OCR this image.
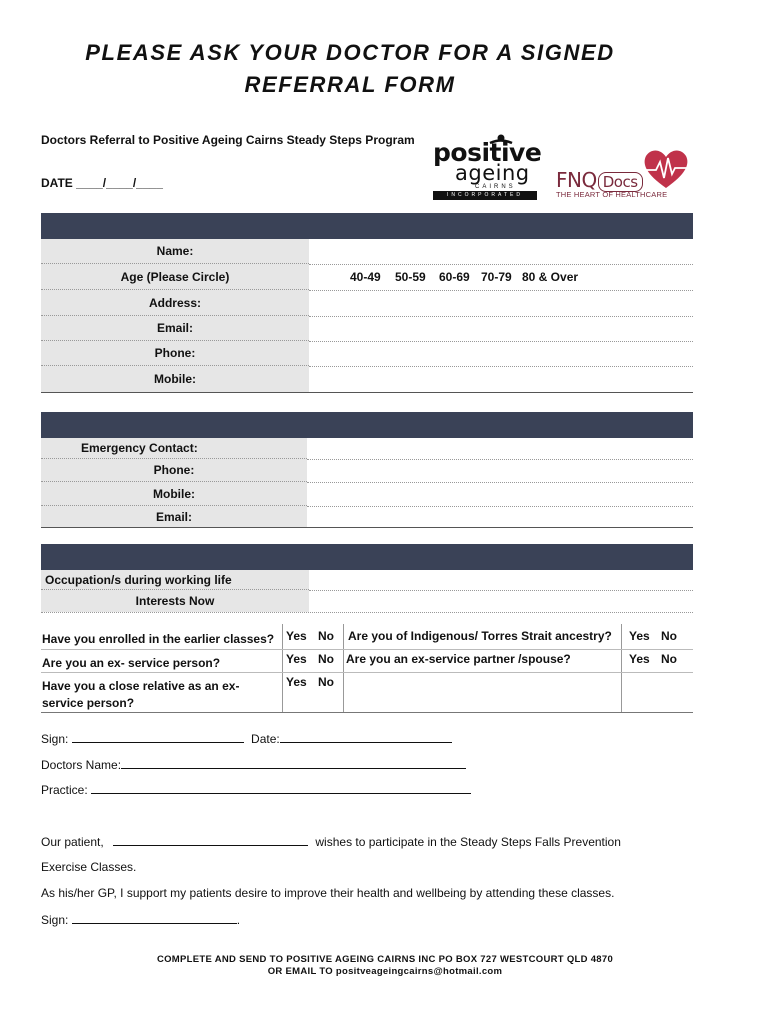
PLEASE ASK YOUR DOCTOR FOR A SIGNED
REFERRAL FORM
Doctors Referral to Positive Ageing Cairns Steady Steps Program
DATE ____/____/____
positive
ageing
CAIRNS
INCORPORATED
FNQ Docs
THE HEART OF HEALTHCARE
Name:
Age (Please Circle)	40-49 50-59 60-69 70-79 80 & Over
Address:
Email:
Phone:
Mobile:
Emergency Contact:
Phone:
Mobile:
Email:
Occupation/s during working life
Interests Now
Have you enrolled in the earlier classes? Yes No Are you of Indigenous/ Torres Strait ancestry? Yes No
Are you an ex- service person?	Yes No Are you an ex-service partner /spouse?	Yes No
Have you a close relative as an ex-
service person?
Yes No
Sign:	Date:
Doctors Name:
Practice:
Our patient,	wishes to participate in the Steady Steps Falls Prevention
Exercise Classes.
As his/her GP, I support my patients desire to improve their health and wellbeing by attending these classes.
Sign:	.
COMPLETE AND SEND TO POSITIVE AGEING CAIRNS INC PO BOX 727 WESTCOURT QLD 4870
OR EMAIL TO positveageingcairns@hotmail.com
